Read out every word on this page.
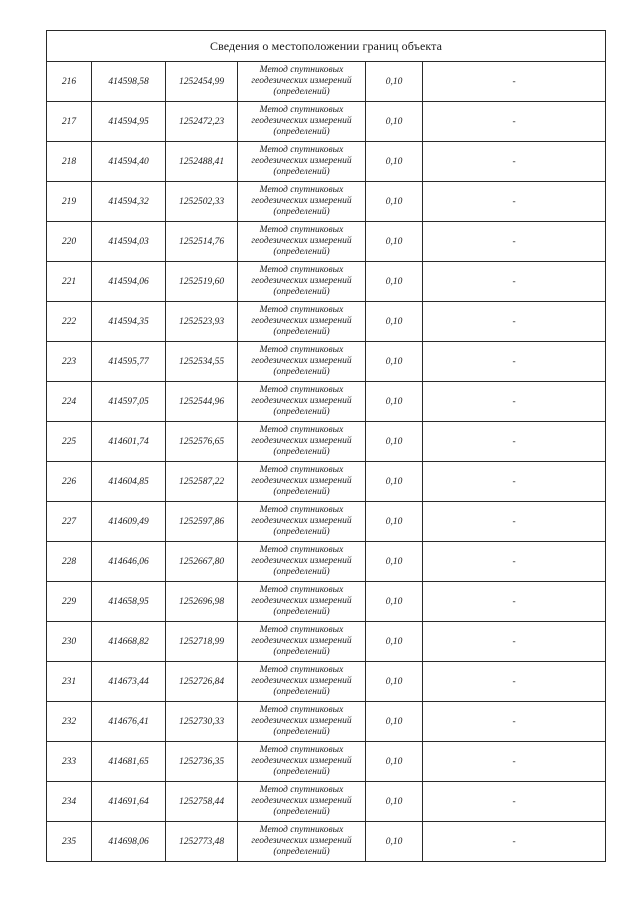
Сведения о местоположении границ объекта					
216	414598,58	1252454,99	Метод спутниковых
геодезических измерений
(определений)	0,10	-
217	414594,95	1252472,23	Метод спутниковых
геодезических измерений
(определений)	0,10	-
218	414594,40	1252488,41	Метод спутниковых
геодезических измерений
(определений)	0,10	-
219	414594,32	1252502,33	Метод спутниковых
геодезических измерений
(определений)	0,10	-
220	414594,03	1252514,76	Метод спутниковых
геодезических измерений
(определений)	0,10	-
221	414594,06	1252519,60	Метод спутниковых
геодезических измерений
(определений)	0,10	-
222	414594,35	1252523,93	Метод спутниковых
геодезических измерений
(определений)	0,10	-
223	414595,77	1252534,55	Метод спутниковых
геодезических измерений
(определений)	0,10	-
224	414597,05	1252544,96	Метод спутниковых
геодезических измерений
(определений)	0,10	-
225	414601,74	1252576,65	Метод спутниковых
геодезических измерений
(определений)	0,10	-
226	414604,85	1252587,22	Метод спутниковых
геодезических измерений
(определений)	0,10	-
227	414609,49	1252597,86	Метод спутниковых
геодезических измерений
(определений)	0,10	-
228	414646,06	1252667,80	Метод спутниковых
геодезических измерений
(определений)	0,10	-
229	414658,95	1252696,98	Метод спутниковых
геодезических измерений
(определений)	0,10	-
230	414668,82	1252718,99	Метод спутниковых
геодезических измерений
(определений)	0,10	-
231	414673,44	1252726,84	Метод спутниковых
геодезических измерений
(определений)	0,10	-
232	414676,41	1252730,33	Метод спутниковых
геодезических измерений
(определений)	0,10	-
233	414681,65	1252736,35	Метод спутниковых
геодезических измерений
(определений)	0,10	-
234	414691,64	1252758,44	Метод спутниковых
геодезических измерений
(определений)	0,10	-
235	414698,06	1252773,48	Метод спутниковых
геодезических измерений
(определений)	0,10	-
